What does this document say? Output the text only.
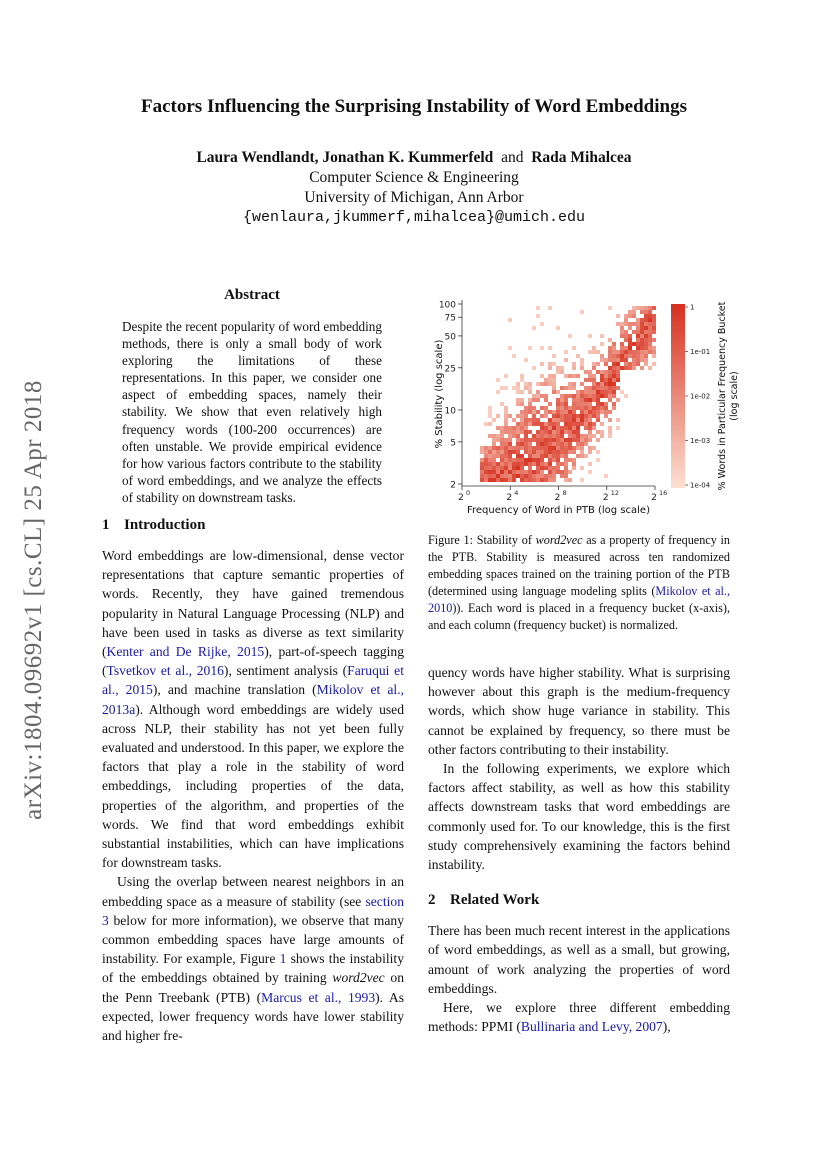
Factors Influencing the Surprising Instability of Word Embeddings
Laura Wendlandt, Jonathan K. Kummerfeld and Rada Mihalcea
Computer Science & Engineering
University of Michigan, Ann Arbor
{wenlaura,jkummerf,mihalcea}@umich.edu
arXiv:1804.09692v1 [cs.CL] 25 Apr 2018
Abstract
Despite the recent popularity of word embedding methods, there is only a small body of work exploring the limitations of these representations. In this paper, we consider one aspect of embedding spaces, namely their stability. We show that even relatively high frequency words (100-200 occurrences) are often unstable. We provide empirical evidence for how various factors contribute to the stability of word embeddings, and we analyze the effects of stability on downstream tasks.
1 Introduction

Word embeddings are low-dimensional, dense vector representations that capture semantic properties of words. Recently, they have gained tremendous popularity in Natural Language Processing (NLP) and have been used in tasks as diverse as text similarity (Kenter and De Rijke, 2015), part-of-speech tagging (Tsvetkov et al., 2016), sentiment analysis (Faruqui et al., 2015), and machine translation (Mikolov et al., 2013a). Although word embeddings are widely used across NLP, their stability has not yet been fully evaluated and understood. In this paper, we explore the factors that play a role in the stability of word embeddings, including properties of the data, properties of the algorithm, and properties of the words. We find that word embeddings exhibit substantial instabilities, which can have implications for downstream tasks.

Using the overlap between nearest neighbors in an embedding space as a measure of stability (see section 3 below for more information), we observe that many common embedding spaces have large amounts of instability. For example, Figure 1 shows the instability of the embeddings obtained by training word2vec on the Penn Treebank (PTB) (Marcus et al., 1993). As expected, lower frequency words have lower stability and higher fre-

2
5
10
25
50
75
100
2 0	2 4	2 8	2 12	2 16
Frequency of Word in PTB (log scale)
% Stability (log scale)
1
1e-01
1e-02
1e-03
1e-04 % Words in Particular Frequency Bucket (log scale)
Figure 1: Stability of word2vec as a property of frequency in the PTB. Stability is measured across ten randomized embedding spaces trained on the training portion of the PTB (determined using language modeling splits (Mikolov et al., 2010)). Each word is placed in a frequency bucket (x-axis), and each column (frequency bucket) is normalized.

quency words have higher stability. What is surprising however about this graph is the medium-frequency words, which show huge variance in stability. This cannot be explained by frequency, so there must be other factors contributing to their instability.

In the following experiments, we explore which factors affect stability, as well as how this stability affects downstream tasks that word embeddings are commonly used for. To our knowledge, this is the first study comprehensively examining the factors behind instability.

2 Related Work

There has been much recent interest in the applications of word embeddings, as well as a small, but growing, amount of work analyzing the properties of word embeddings.

Here, we explore three different embedding methods: PPMI (Bullinaria and Levy, 2007),
